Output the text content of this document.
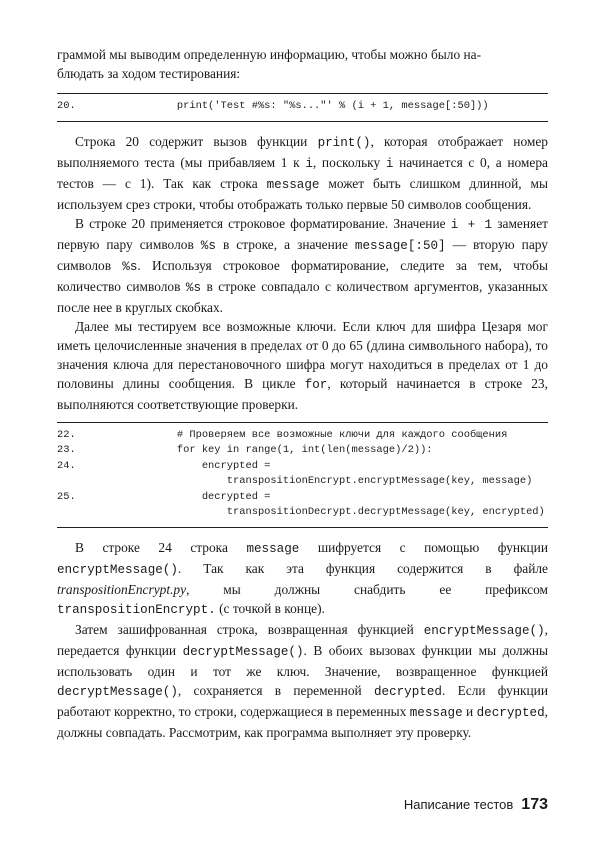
граммой мы выводим определенную информацию, чтобы можно было на-
блюдать за ходом тестирования:

20.	print('Test #%s: "%s..."' % (i + 1, message[:50]))

Строка 20 содержит вызов функции print(), которая отображает номер выполняемого теста (мы прибавляем 1 к i, поскольку i начинается с 0, а номера тестов — с 1). Так как строка message может быть слишком длинной, мы используем срез строки, чтобы отображать только первые 50 символов сообщения.

В строке 20 применяется строковое форматирование. Значение i + 1 заменяет первую пару символов %s в строке, а значение message[:50] — вторую пару символов %s. Используя строковое форматирование, следите за тем, чтобы количество символов %s в строке совпадало с количеством аргументов, указанных после нее в круглых скобках.

Далее мы тестируем все возможные ключи. Если ключ для шифра Цезаря мог иметь целочисленные значения в пределах от 0 до 65 (длина символьного набора), то значения ключа для перестановочного шифра могут находиться в пределах от 1 до половины длины сообщения. В цикле for, который начинается в строке 23, выполняются соответствующие проверки.

22.	# Проверяем все возможные ключи для каждого сообщения
23.	for key in range(1, int(len(message)/2)):
24.	encrypted =
transpositionEncrypt.encryptMessage(key, message)
25.	decrypted =
transpositionDecrypt.decryptMessage(key, encrypted)

В строке 24 строка message шифруется с помощью функции encryptMessage(). Так как эта функция содержится в файле transpositionEncrypt.py, мы должны снабдить ее префиксом transpositionEncrypt. (с точкой в конце).

Затем зашифрованная строка, возвращенная функцией encryptMessage(), передается функции decryptMessage(). В обоих вызовах функции мы должны использовать один и тот же ключ. Значение, возвращенное функцией decryptMessage(), сохраняется в переменной decrypted. Если функции работают корректно, то строки, содержащиеся в переменных message и decrypted, должны совпадать. Рассмотрим, как программа выполняет эту проверку.

Написание тестов 173
